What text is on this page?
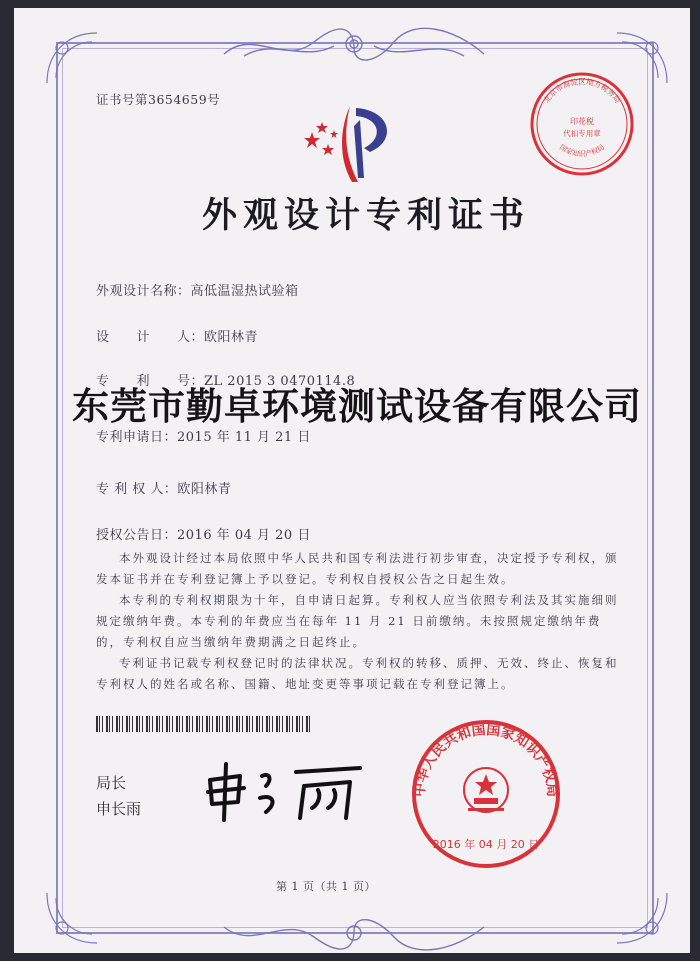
证书号第3654659号	北京市海淀区地方税务局
国家知识产权局
印花税
代扣专用章
外观设计专利证书
外观设计名称：高低温湿热试验箱
设　　计　　人：欧阳林青
专　　利　　号：ZL 2015 3 0470114.8
专利申请日：2015 年 11 月 21 日
专 利 权 人：欧阳林青
授权公告日：2016 年 04 月 20 日
东莞市勤卓环境测试设备有限公司

本外观设计经过本局依照中华人民共和国专利法进行初步审查，决定授予专利权，颁发本证书并在专利登记簿上予以登记。专利权自授权公告之日起生效。

本专利的专利权期限为十年，自申请日起算。专利权人应当依照专利法及其实施细则规定缴纳年费。本专利的年费应当在每年 11 月 21 日前缴纳。未按照规定缴纳年费的，专利权自应当缴纳年费期满之日起终止。

专利证书记载专利权登记时的法律状况。专利权的转移、质押、无效、终止、恢复和专利权人的姓名或名称、国籍、地址变更等事项记载在专利登记簿上。

局长
申长雨
中华人民共和国国家知识产权局
2016 年 04 月 20 日
第 1 页（共 1 页）
